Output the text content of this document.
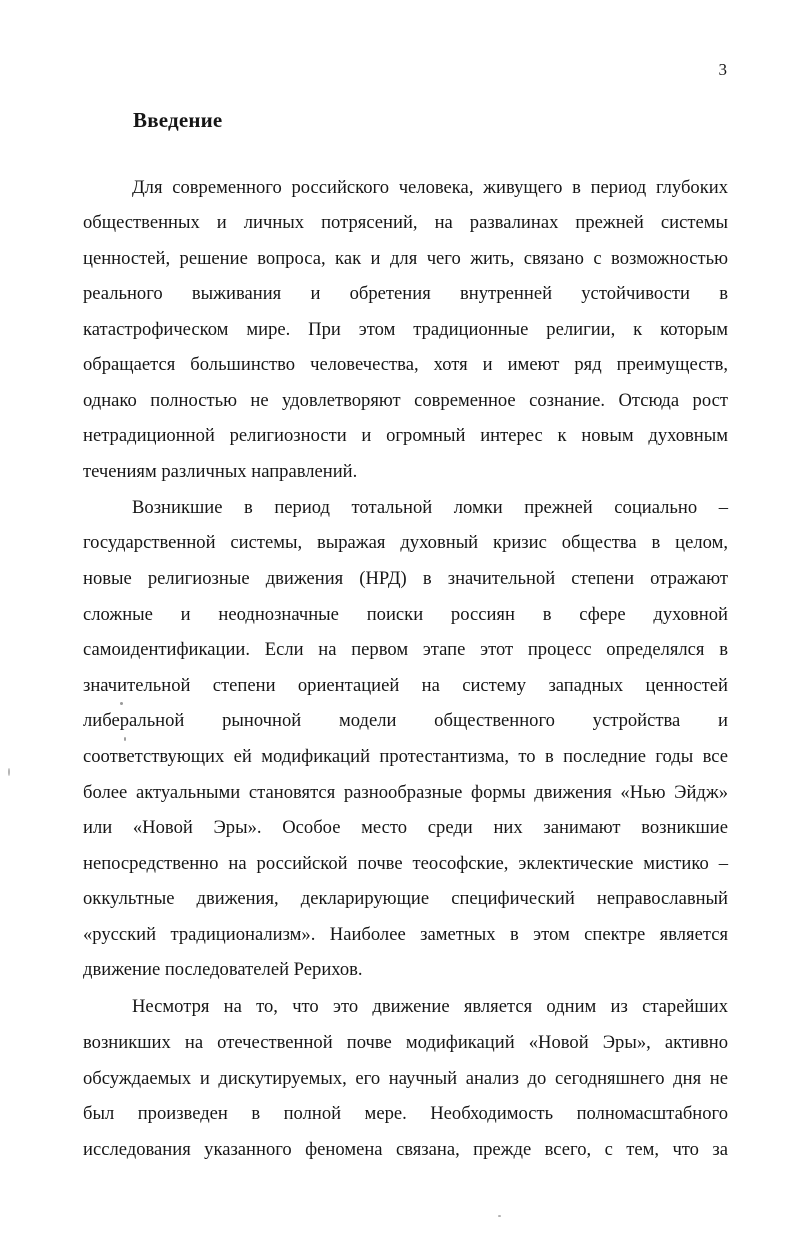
3
Введение
Для современного российского человека, живущего в период глубоких
общественных и личных потрясений, на развалинах прежней системы
ценностей, решение вопроса, как и для чего жить, связано с возможностью
реального выживания и обретения внутренней устойчивости в
катастрофическом мире. При этом традиционные религии, к которым
обращается большинство человечества, хотя и имеют ряд преимуществ,
однако полностью не удовлетворяют современное сознание. Отсюда рост
нетрадиционной религиозности и огромный интерес к новым духовным
течениям различных направлений.
Возникшие в период тотальной ломки прежней социально –
государственной системы, выражая духовный кризис общества в целом,
новые религиозные движения (НРД) в значительной степени отражают
сложные и неоднозначные поиски россиян в сфере духовной
самоидентификации. Если на первом этапе этот процесс определялся в
значительной степени ориентацией на систему западных ценностей
либеральной рыночной модели общественного устройства и
соответствующих ей модификаций протестантизма, то в последние годы все
более актуальными становятся разнообразные формы движения «Нью Эйдж»
или «Новой Эры». Особое место среди них занимают возникшие
непосредственно на российской почве теософские, эклектические мистико –
оккультные движения, декларирующие специфический неправославный
«русский традиционализм». Наиболее заметных в этом спектре является
движение последователей Рерихов.
Несмотря на то, что это движение является одним из старейших
возникших на отечественной почве модификаций «Новой Эры», активно
обсуждаемых и дискутируемых, его научный анализ до сегодняшнего дня не
был произведен в полной мере. Необходимость полномасштабного
исследования указанного феномена связана, прежде всего, с тем, что за
